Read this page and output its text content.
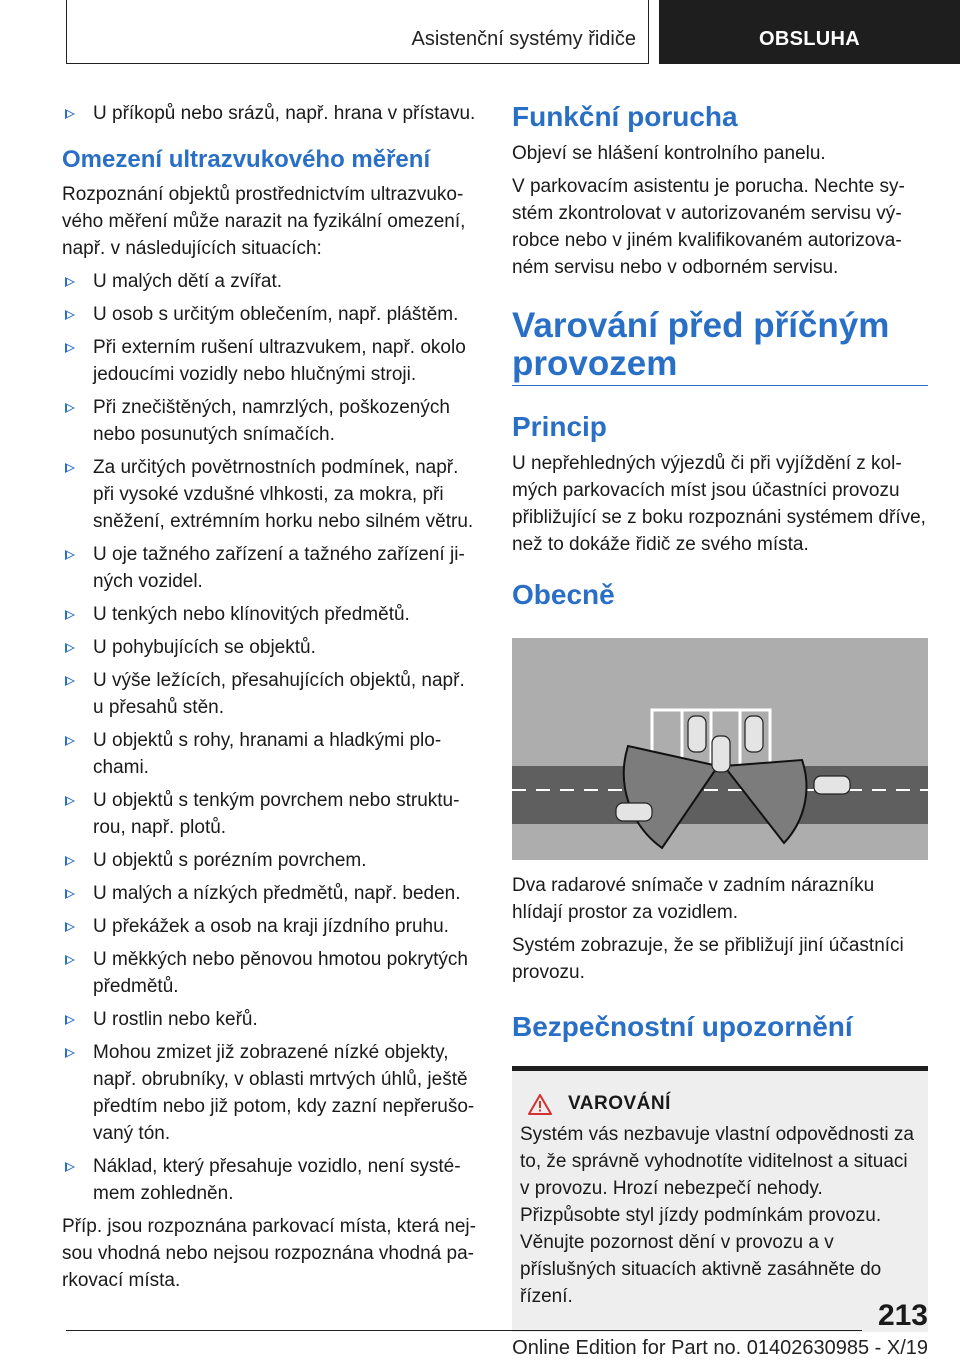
Asistenční systémy řidiče	OBSLUHA
U příkopů nebo srázů, např. hrana v přístavu.
Omezení ultrazvukového měření

Rozpoznání objektů prostřednictvím ultrazvukového měření může narazit na fyzikální omezení, např. v následujících situacích:

U malých dětí a zvířat.
U osob s určitým oblečením, např. pláštěm.
Při externím rušení ultrazvukem, např. okolo jedoucími vozidly nebo hlučnými stroji.
Při znečištěných, namrzlých, poškozených nebo posunutých snímačích.
Za určitých povětrnostních podmínek, např. při vysoké vzdušné vlhkosti, za mokra, při sněžení, extrémním horku nebo silném větru.
U oje tažného zařízení a tažného zařízení jiných vozidel.
U tenkých nebo klínovitých předmětů.
U pohybujících se objektů.
U výše ležících, přesahujících objektů, např. u přesahů stěn.
U objektů s rohy, hranami a hladkými plochami.
U objektů s tenkým povrchem nebo strukturou, např. plotů.
U objektů s porézním povrchem.
U malých a nízkých předmětů, např. beden.
U překážek a osob na kraji jízdního pruhu.
U měkkých nebo pěnovou hmotou pokrytých předmětů.
U rostlin nebo keřů.
Mohou zmizet již zobrazené nízké objekty, např. obrubníky, v oblasti mrtvých úhlů, ještě předtím nebo již potom, kdy zazní nepřerušovaný tón.
Náklad, který přesahuje vozidlo, není systémem zohledněn.

Příp. jsou rozpoznána parkovací místa, která nejsou vhodná nebo nejsou rozpoznána vhodná parkovací místa.

Funkční porucha

Objeví se hlášení kontrolního panelu.

V parkovacím asistentu je porucha. Nechte systém zkontrolovat v autorizovaném servisu výrobce nebo v jiném kvalifikovaném autorizovaném servisu nebo v odborném servisu.

Varování před příčným provozem
Princip

U nepřehledných výjezdů či při vyjíždění z kolmých parkovacích míst jsou účastníci provozu přibližující se z boku rozpoznáni systémem dříve, než to dokáže řidič ze svého místa.

Obecně

Dva radarové snímače v zadním nárazníku hlídají prostor za vozidlem.

Systém zobrazuje, že se přibližují jiní účastníci provozu.

Bezpečnostní upozornění
VAROVÁNÍ

Systém vás nezbavuje vlastní odpovědnosti za to, že správně vyhodnotíte viditelnost a situaci v provozu. Hrozí nebezpečí nehody. Přizpůsobte styl jízdy podmínkám provozu. Věnujte pozornost dění v provozu a v příslušných situacích aktivně zasáhněte do řízení.

213
Online Edition for Part no. 01402630985 - X/19
